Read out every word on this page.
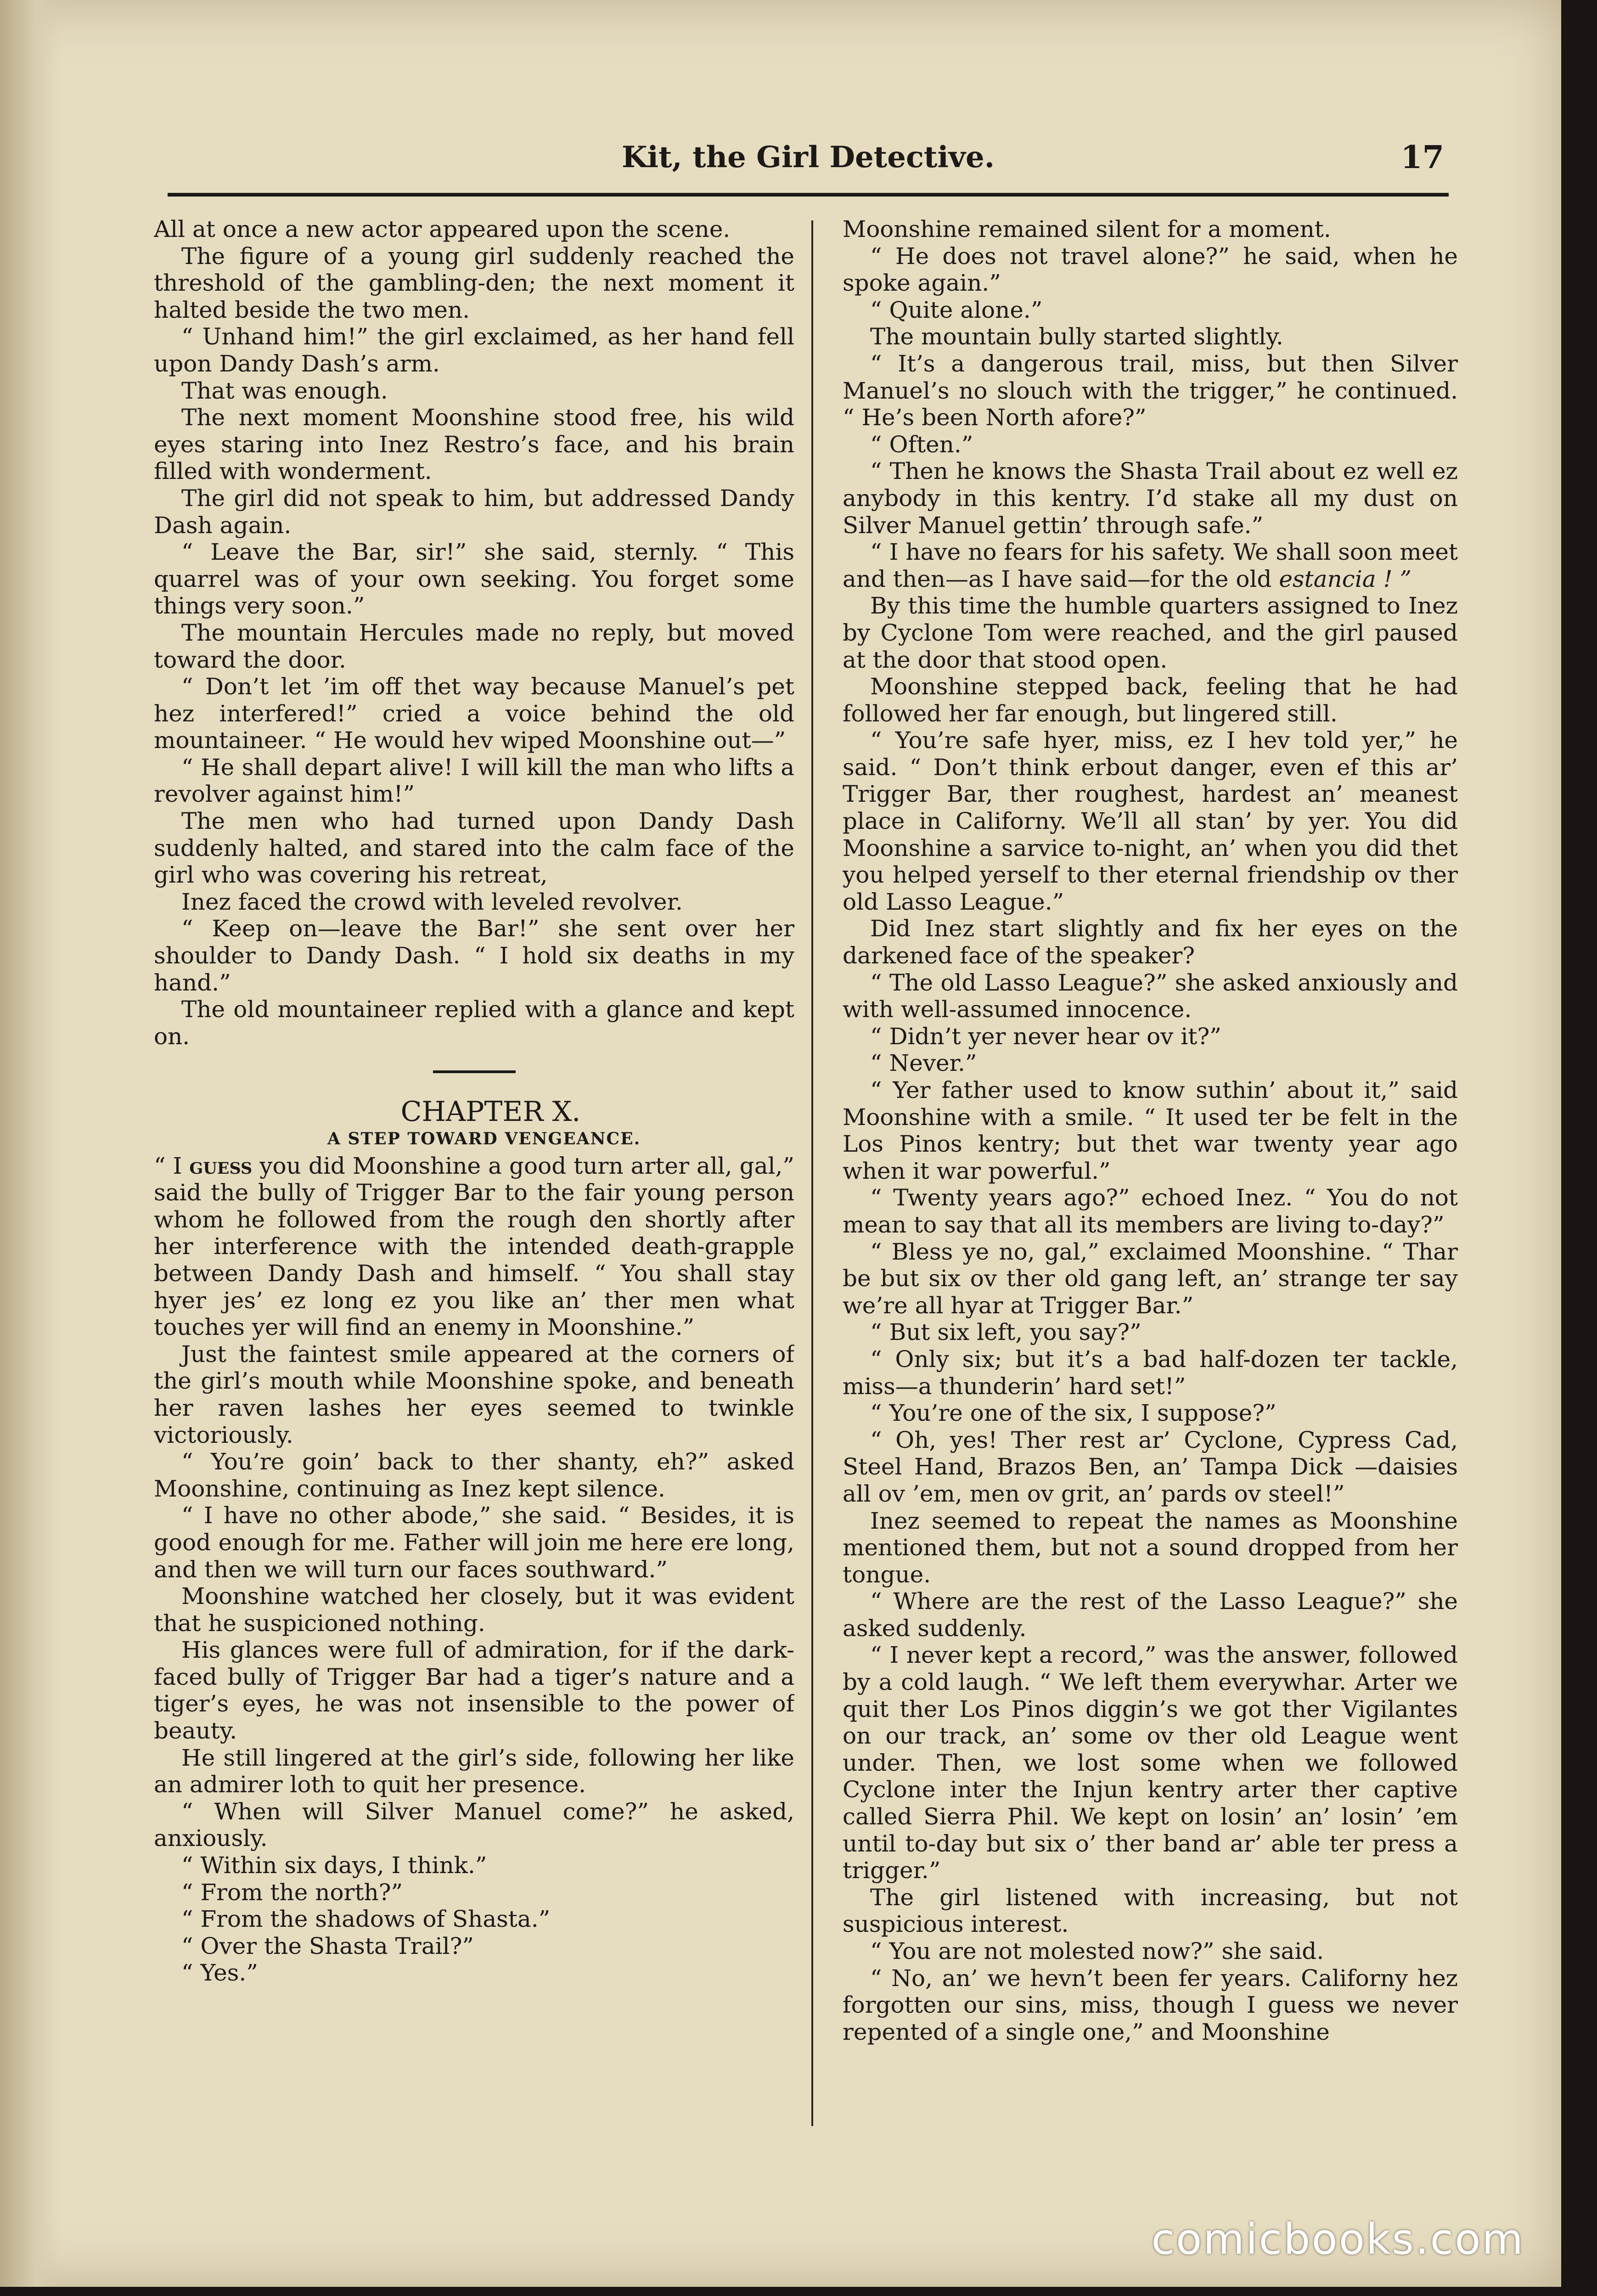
Kit, the Girl Detective.	17

All at once a new actor appeared upon the scene.

The figure of a young girl suddenly reached the threshold of the gambling-den; the next moment it halted beside the two men.

“ Unhand him!” the girl exclaimed, as her hand fell upon Dandy Dash’s arm.

That was enough.

The next moment Moonshine stood free, his wild eyes staring into Inez Restro’s face, and his brain filled with wonderment.

The girl did not speak to him, but addressed Dandy Dash again.

“ Leave the Bar, sir!” she said, sternly. “ This quarrel was of your own seeking. You forget some things very soon.”

The mountain Hercules made no reply, but moved toward the door.

“ Don’t let ’im off thet way because Manuel’s pet hez interfered!” cried a voice behind the old mountaineer. “ He would hev wiped Moonshine out—”

“ He shall depart alive! I will kill the man who lifts a revolver against him!”

The men who had turned upon Dandy Dash suddenly halted, and stared into the calm face of the girl who was covering his retreat,

Inez faced the crowd with leveled revolver.

“ Keep on—leave the Bar!” she sent over her shoulder to Dandy Dash. “ I hold six deaths in my hand.”

The old mountaineer replied with a glance and kept on.

CHAPTER X.

A STEP TOWARD VENGEANCE.

“ I guess you did Moonshine a good turn arter all, gal,” said the bully of Trigger Bar to the fair young person whom he followed from the rough den shortly after her interference with the intended death-grapple between Dandy Dash and himself. “ You shall stay hyer jes’ ez long ez you like an’ ther men what touches yer will find an enemy in Moonshine.”

Just the faintest smile appeared at the corners of the girl’s mouth while Moonshine spoke, and beneath her raven lashes her eyes seemed to twinkle victoriously.

“ You’re goin’ back to ther shanty, eh?” asked Moonshine, continuing as Inez kept silence.

“ I have no other abode,” she said. “ Besides, it is good enough for me. Father will join me here ere long, and then we will turn our faces southward.”

Moonshine watched her closely, but it was evident that he suspicioned nothing.

His glances were full of admiration, for if the dark-faced bully of Trigger Bar had a tiger’s nature and a tiger’s eyes, he was not insensible to the power of beauty.

He still lingered at the girl’s side, following her like an admirer loth to quit her presence.

“ When will Silver Manuel come?” he asked, anxiously.

“ Within six days, I think.”

“ From the north?”

“ From the shadows of Shasta.”

“ Over the Shasta Trail?”

“ Yes.”

Moonshine remained silent for a moment.

“ He does not travel alone?” he said, when he spoke again.”

“ Quite alone.”

The mountain bully started slightly.

“ It’s a dangerous trail, miss, but then Silver Manuel’s no slouch with the trigger,” he continued. “ He’s been North afore?”

“ Often.”

“ Then he knows the Shasta Trail about ez well ez anybody in this kentry. I’d stake all my dust on Silver Manuel gettin’ through safe.”

“ I have no fears for his safety. We shall soon meet and then—as I have said—for the old estancia ! ”

By this time the humble quarters assigned to Inez by Cyclone Tom were reached, and the girl paused at the door that stood open.

Moonshine stepped back, feeling that he had followed her far enough, but lingered still.

“ You’re safe hyer, miss, ez I hev told yer,” he said. “ Don’t think erbout danger, even ef this ar’ Trigger Bar, ther roughest, hardest an’ meanest place in Californy. We’ll all stan’ by yer. You did Moonshine a sarvice to-night, an’ when you did thet you helped yerself to ther eternal friendship ov ther old Lasso League.”

Did Inez start slightly and fix her eyes on the darkened face of the speaker?

“ The old Lasso League?” she asked anxiously and with well-assumed innocence.

“ Didn’t yer never hear ov it?”

“ Never.”

“ Yer father used to know suthin’ about it,” said Moonshine with a smile. “ It used ter be felt in the Los Pinos kentry; but thet war twenty year ago when it war powerful.”

“ Twenty years ago?” echoed Inez. “ You do not mean to say that all its members are living to-day?”

“ Bless ye no, gal,” exclaimed Moonshine. “ Thar be but six ov ther old gang left, an’ strange ter say we’re all hyar at Trigger Bar.”

“ But six left, you say?”

“ Only six; but it’s a bad half-dozen ter tackle, miss—a thunderin’ hard set!”

“ You’re one of the six, I suppose?”

“ Oh, yes! Ther rest ar’ Cyclone, Cypress Cad, Steel Hand, Brazos Ben, an’ Tampa Dick —daisies all ov ’em, men ov grit, an’ pards ov steel!”

Inez seemed to repeat the names as Moonshine mentioned them, but not a sound dropped from her tongue.

“ Where are the rest of the Lasso League?” she asked suddenly.

“ I never kept a record,” was the answer, followed by a cold laugh. “ We left them everywhar. Arter we quit ther Los Pinos diggin’s we got ther Vigilantes on our track, an’ some ov ther old League went under. Then, we lost some when we followed Cyclone inter the Injun kentry arter ther captive called Sierra Phil. We kept on losin’ an’ losin’ ’em until to-day but six o’ ther band ar’ able ter press a trigger.”

The girl listened with increasing, but not suspicious interest.

“ You are not molested now?” she said.

“ No, an’ we hevn’t been fer years. Californy hez forgotten our sins, miss, though I guess we never repented of a single one,” and Moonshine

comicbooks.com
